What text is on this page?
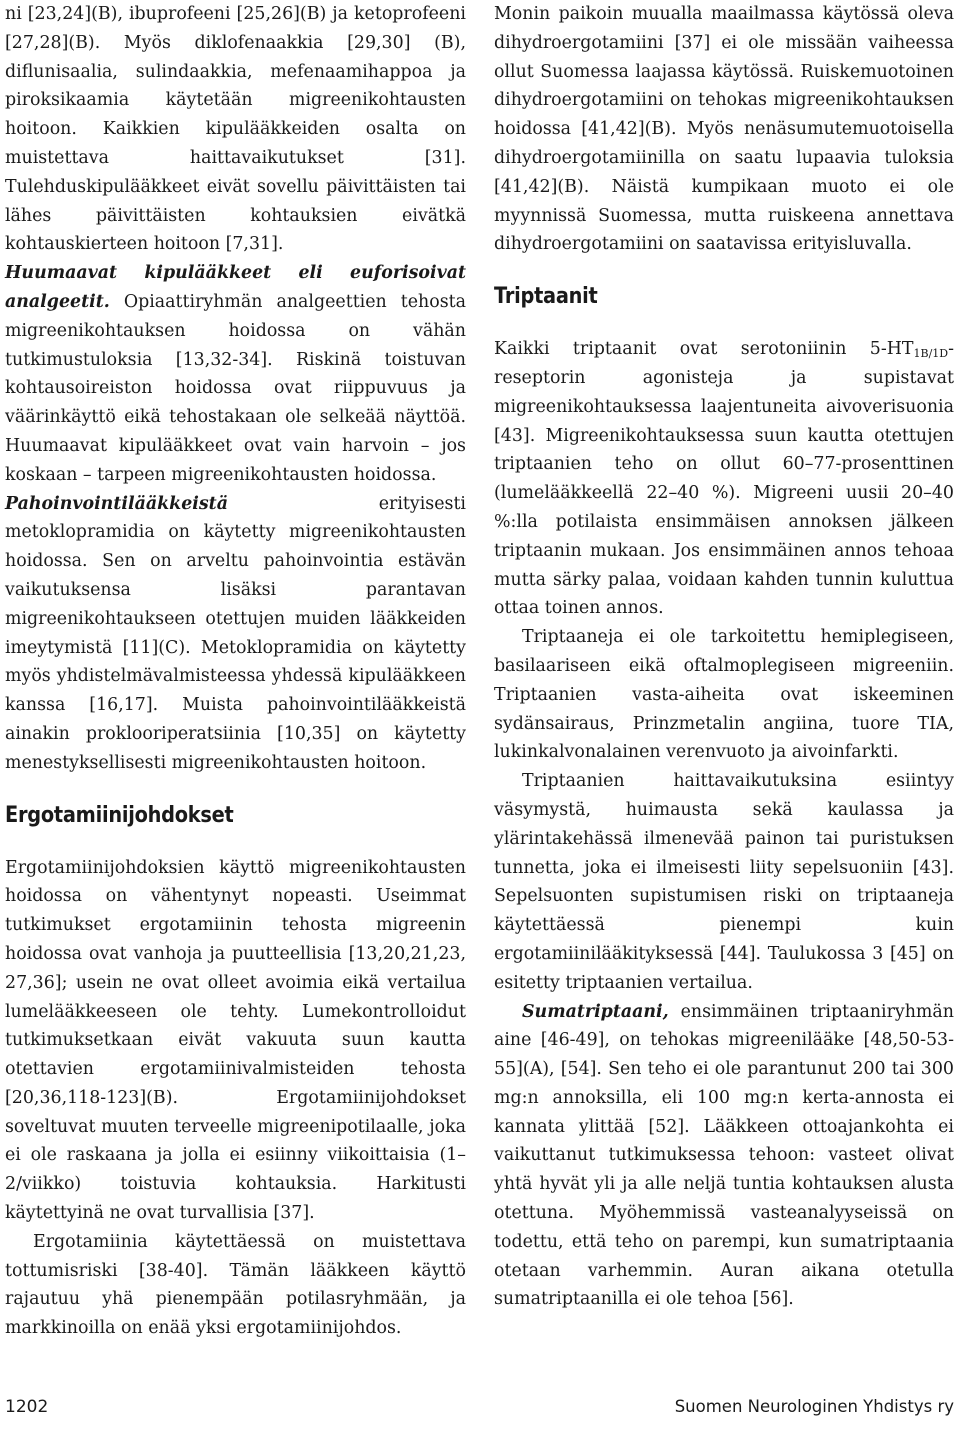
ni [23,24](B), ibuprofeeni [25,26](B) ja ketoprofeeni [27,28](B). Myös diklofenaakkia [29,30] (B), diflunisaalia, sulindaakkia, mefenaamihappoa ja piroksikaamia käytetään migreenikohtausten hoitoon. Kaikkien kipulääkkeiden osalta on muistettava haittavaikutukset [31]. Tulehduskipulääkkeet eivät sovellu päivittäisten tai lähes päivittäisten kohtauksien eivätkä kohtauskierteen hoitoon [7,31].

Huumaavat kipulääkkeet eli euforisoivat analgeetit. Opiaattiryhmän analgeettien tehosta migreenikohtauksen hoidossa on vähän tutkimustuloksia [13,32-34]. Riskinä toistuvan kohtausoireiston hoidossa ovat riippuvuus ja väärinkäyttö eikä tehostakaan ole selkeää näyttöä. Huumaavat kipulääkkeet ovat vain harvoin – jos koskaan – tarpeen migreenikohtausten hoidossa.

Pahoinvointilääkkeistä erityisesti metoklopramidia on käytetty migreenikohtausten hoidossa. Sen on arveltu pahoinvointia estävän vaikutuksensa lisäksi parantavan migreenikohtaukseen otettujen muiden lääkkeiden imeytymistä [11](C). Metoklopramidia on käytetty myös yhdistelmävalmisteessa yhdessä kipulääkkeen kanssa [16,17]. Muista pahoinvointilääkkeistä ainakin proklooriperatsiinia [10,35] on käytetty menestyksellisesti migreenikohtausten hoitoon.

Ergotamiinijohdokset

Ergotamiinijohdoksien käyttö migreenikohtausten hoidossa on vähentynyt nopeasti. Useimmat tutkimukset ergotamiinin tehosta migreenin hoidossa ovat vanhoja ja puutteellisia [13,20,21,23, 27,36]; usein ne ovat olleet avoimia eikä vertailua lumelääkkeeseen ole tehty. Lumekontrolloidut tutkimuksetkaan eivät vakuuta suun kautta otettavien ergotamiinivalmisteiden tehosta [20,36,118-123](B). Ergotamiinijohdokset soveltuvat muuten terveelle migreenipotilaalle, joka ei ole raskaana ja jolla ei esiinny viikoittaisia (1–2/viikko) toistuvia kohtauksia. Harkitusti käytettyinä ne ovat turvallisia [37].

Ergotamiinia käytettäessä on muistettava tottumisriski [38-40]. Tämän lääkkeen käyttö rajautuu yhä pienempään potilasryhmään, ja markkinoilla on enää yksi ergotamiinijohdos.

Monin paikoin muualla maailmassa käytössä oleva dihydroergotamiini [37] ei ole missään vaiheessa ollut Suomessa laajassa käytössä. Ruiskemuotoinen dihydroergotamiini on tehokas migreenikohtauksen hoidossa [41,42](B). Myös nenäsumutemuotoisella dihydroergotamiinilla on saatu lupaavia tuloksia [41,42](B). Näistä kumpikaan muoto ei ole myynnissä Suomessa, mutta ruiskeena annettava dihydroergotamiini on saatavissa erityisluvalla.

Triptaanit

Kaikki triptaanit ovat serotoniinin $5-HT_{1B/1D}$-reseptorin agonisteja ja supistavat migreenikohtauksessa laajentuneita aivoverisuonia [43]. Migreenikohtauksessa suun kautta otettujen triptaanien teho on ollut 60–77-prosenttinen (lumelääkkeellä 22–40 %). Migreeni uusii 20–40 %:lla potilaista ensimmäisen annoksen jälkeen triptaanin mukaan. Jos ensimmäinen annos tehoaa mutta särky palaa, voidaan kahden tunnin kuluttua ottaa toinen annos.

Triptaaneja ei ole tarkoitettu hemiplegiseen, basilaariseen eikä oftalmoplegiseen migreeniin. Triptaanien vasta-aiheita ovat iskeeminen sydänsairaus, Prinzmetalin angiina, tuore TIA, lukinkalvonalainen verenvuoto ja aivoinfarkti.

Triptaanien haittavaikutuksina esiintyy väsymystä, huimausta sekä kaulassa ja ylärintakehässä ilmenevää painon tai puristuksen tunnetta, joka ei ilmeisesti liity sepelsuoniin [43]. Sepelsuonten supistumisen riski on triptaaneja käytettäessä pienempi kuin ergotamiinilääkityksessä [44]. Taulukossa 3 [45] on esitetty triptaanien vertailua.

Sumatriptaani, ensimmäinen triptaaniryhmän aine [46-49], on tehokas migreenilääke [48,50-53-55](A), [54]. Sen teho ei ole parantunut 200 tai 300 mg:n annoksilla, eli 100 mg:n kerta-annosta ei kannata ylittää [52]. Lääkkeen ottoajankohta ei vaikuttanut tutkimuksessa tehoon: vasteet olivat yhtä hyvät yli ja alle neljä tuntia kohtauksen alusta otettuna. Myöhemmissä vasteanalyyseissä on todettu, että teho on parempi, kun sumatriptaania otetaan varhemmin. Auran aikana otetulla sumatriptaanilla ei ole tehoa [56].

1202	Suomen Neurologinen Yhdistys ry
